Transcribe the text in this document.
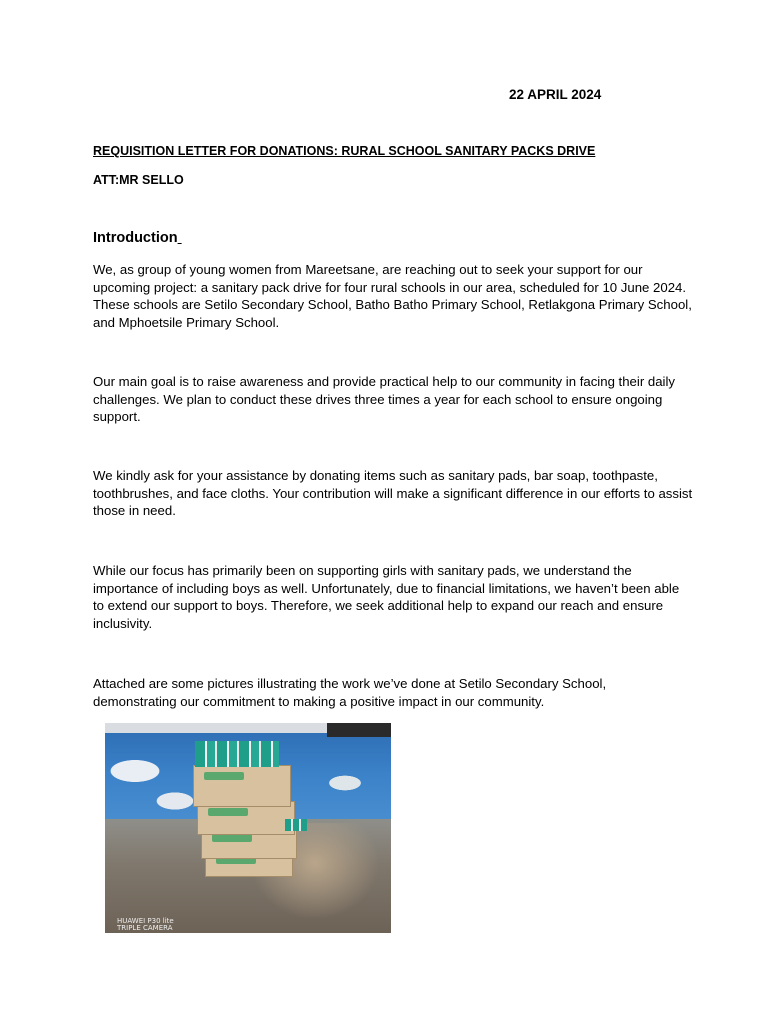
22 APRIL 2024
REQUISITION LETTER FOR DONATIONS: RURAL SCHOOL SANITARY PACKS DRIVE
ATT:MR SELLO
Introduction

We, as group of young women from Mareetsane, are reaching out to seek your support for our upcoming project: a sanitary pack drive for four rural schools in our area, scheduled for 10 June 2024. These schools are Setilo Secondary School, Batho Batho Primary School, Retlakgona Primary School, and Mphoetsile Primary School.

Our main goal is to raise awareness and provide practical help to our community in facing their daily challenges. We plan to conduct these drives three times a year for each school to ensure ongoing support.

We kindly ask for your assistance by donating items such as sanitary pads, bar soap, toothpaste, toothbrushes, and face cloths. Your contribution will make a significant difference in our efforts to assist those in need.

While our focus has primarily been on supporting girls with sanitary pads, we understand the importance of including boys as well. Unfortunately, due to financial limitations, we haven’t been able to extend our support to boys. Therefore, we seek additional help to expand our reach and ensure inclusivity.

Attached are some pictures illustrating the work we’ve done at Setilo Secondary School, demonstrating our commitment to making a positive impact in our community.

HUAWEI P30 lite
TRIPLE CAMERA
